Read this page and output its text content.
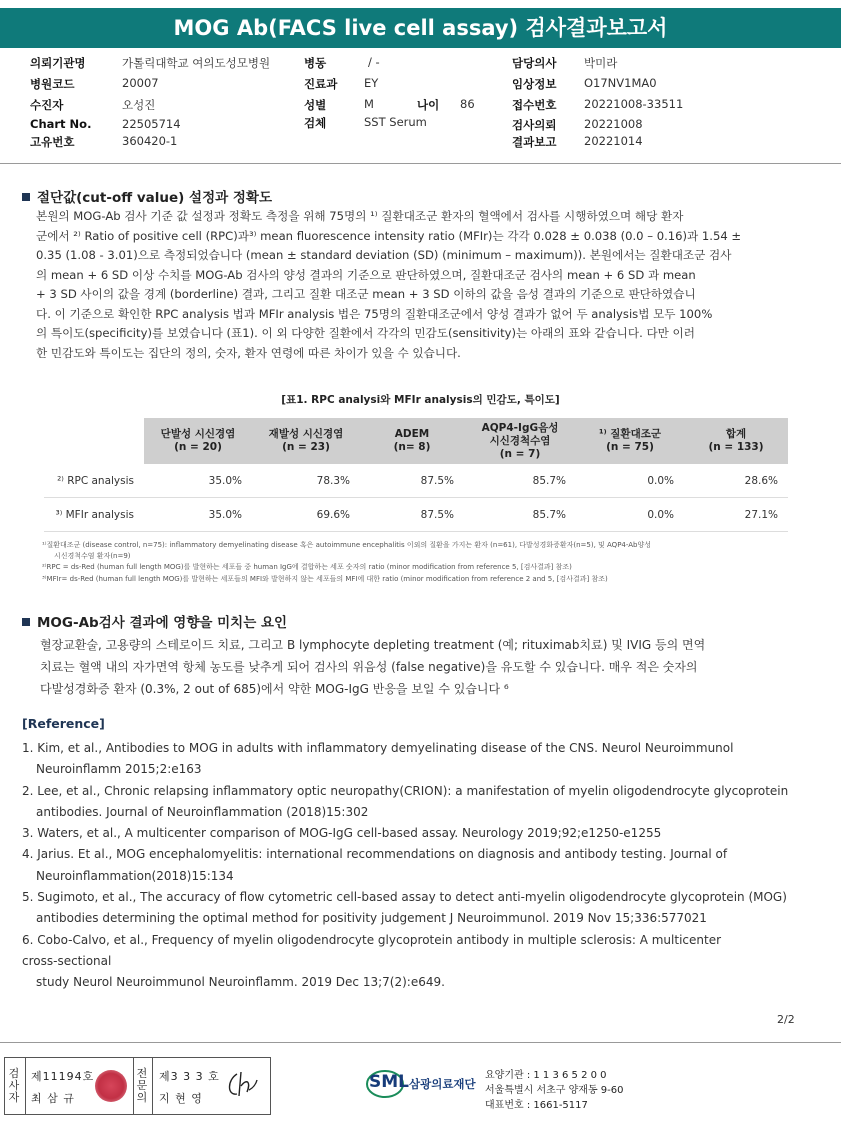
MOG Ab(FACS live cell assay) 검사결과보고서
의뢰기관명	가톨릭대학교 여의도성모병원
병원코드	20007
수진자	오성진
Chart No.	22505714
고유번호	360420-1
병동	/ -
진료과 EY
성별	M	나이 86
검체	SST Serum
담당의사 박미라
임상정보 O17NV1MA0
접수번호 20221008-33511
검사의뢰 20221008
결과보고 20221014
절단값(cut-off value) 설정과 정확도
본원의 MOG-Ab 검사 기준 값 설정과 정확도 측정을 위해 75명의 ¹⁾ 질환대조군 환자의 혈액에서 검사를 시행하였으며 해당 환자
군에서 ²⁾ Ratio of positive cell (RPC)과³⁾ mean fluorescence intensity ratio (MFIr)는 각각 0.028 ± 0.038 (0.0 – 0.16)과 1.54 ±
0.35 (1.08 - 3.01)으로 측정되었습니다 (mean ± standard deviation (SD) (minimum – maximum)). 본원에서는 질환대조군 검사
의 mean + 6 SD 이상 수치를 MOG-Ab 검사의 양성 결과의 기준으로 판단하였으며, 질환대조군 검사의 mean + 6 SD 과 mean
+ 3 SD 사이의 값을 경계 (borderline) 결과, 그리고 질환 대조군 mean + 3 SD 이하의 값을 음성 결과의 기준으로 판단하였습니
다. 이 기준으로 확인한 RPC analysis 법과 MFIr analysis 법은 75명의 질환대조군에서 양성 결과가 없어 두 analysis법 모두 100%
의 특이도(specificity)를 보였습니다 (표1). 이 외 다양한 질환에서 각각의 민감도(sensitivity)는 아래의 표와 같습니다. 다만 이러
한 민감도와 특이도는 집단의 정의, 숫자, 환자 연령에 따른 차이가 있을 수 있습니다.
[표1. RPC analysi와 MFIr analysis의 민감도, 특이도]
	단발성 시신경염
(n = 20)	재발성 시신경염
(n = 23)	ADEM
(n= 8)	AQP4-IgG음성
시신경척수염
(n = 7)	¹⁾ 질환대조군
(n = 75)	합계
(n = 133)
²⁾ RPC analysis	35.0%	78.3%	87.5%	85.7%	0.0%	28.6%
³⁾ MFIr analysis	35.0%	69.6%	87.5%	85.7%	0.0%	27.1%
¹⁾질환대조군 (disease control, n=75): inflammatory demyelinating disease 혹은 autoimmune encephalitis 이외의 질환을 가지는 환자 (n=61), 다발성경화증환자(n=5), 및 AQP4-Ab양성
시신경척수염 환자(n=9)
²⁾RPC = ds-Red (human full length MOG)를 발현하는 세포들 중 human IgG에 결합하는 세포 숫자의 ratio (minor modification from reference 5, [검사결과] 참조)
³⁾MFIr= ds-Red (human full length MOG)를 발현하는 세포들의 MFI와 발현하지 않는 세포들의 MFI에 대한 ratio (minor modification from reference 2 and 5, [검사결과] 참조)
MOG-Ab검사 결과에 영향을 미치는 요인
혈장교환술, 고용량의 스테로이드 치료, 그리고 B lymphocyte depleting treatment (예; rituximab치료) 및 IVIG 등의 면역
치료는 혈액 내의 자가면역 항체 농도를 낮추게 되어 검사의 위음성 (false negative)을 유도할 수 있습니다. 매우 적은 숫자의
다발성경화증 환자 (0.3%, 2 out of 685)에서 약한 MOG-IgG 반응을 보일 수 있습니다 ⁶
[Reference]
1. Kim, et al., Antibodies to MOG in adults with inflammatory demyelinating disease of the CNS. Neurol Neuroimmunol
Neuroinflamm 2015;2:e163
2. Lee, et al., Chronic relapsing inflammatory optic neuropathy(CRION): a manifestation of myelin oligodendrocyte glycoprotein
antibodies. Journal of Neuroinflammation (2018)15:302
3. Waters, et al., A multicenter comparison of MOG-IgG cell-based assay. Neurology 2019;92;e1250-e1255
4. Jarius. Et al., MOG encephalomyelitis: international recommendations on diagnosis and antibody testing. Journal of
Neuroinflammation(2018)15:134
5. Sugimoto, et al., The accuracy of flow cytometric cell-based assay to detect anti-myelin oligodendrocyte glycoprotein (MOG)
antibodies determining the optimal method for positivity judgement J Neuroimmunol. 2019 Nov 15;336:577021
6. Cobo-Calvo, et al., Frequency of myelin oligodendrocyte glycoprotein antibody in multiple sclerosis: A multicenter
cross-sectional
study Neurol Neuroimmunol Neuroinflamm. 2019 Dec 13;7(2):e649.
2/2
검
사
자
제11194호
최 삼 규
전
문
의
제3 3 3 호
지 현 영
SML 삼광의료재단
요양기관 : 1 1 3 6 5 2 0 0
서울특별시 서초구 양재동 9-60
대표번호 : 1661-5117
